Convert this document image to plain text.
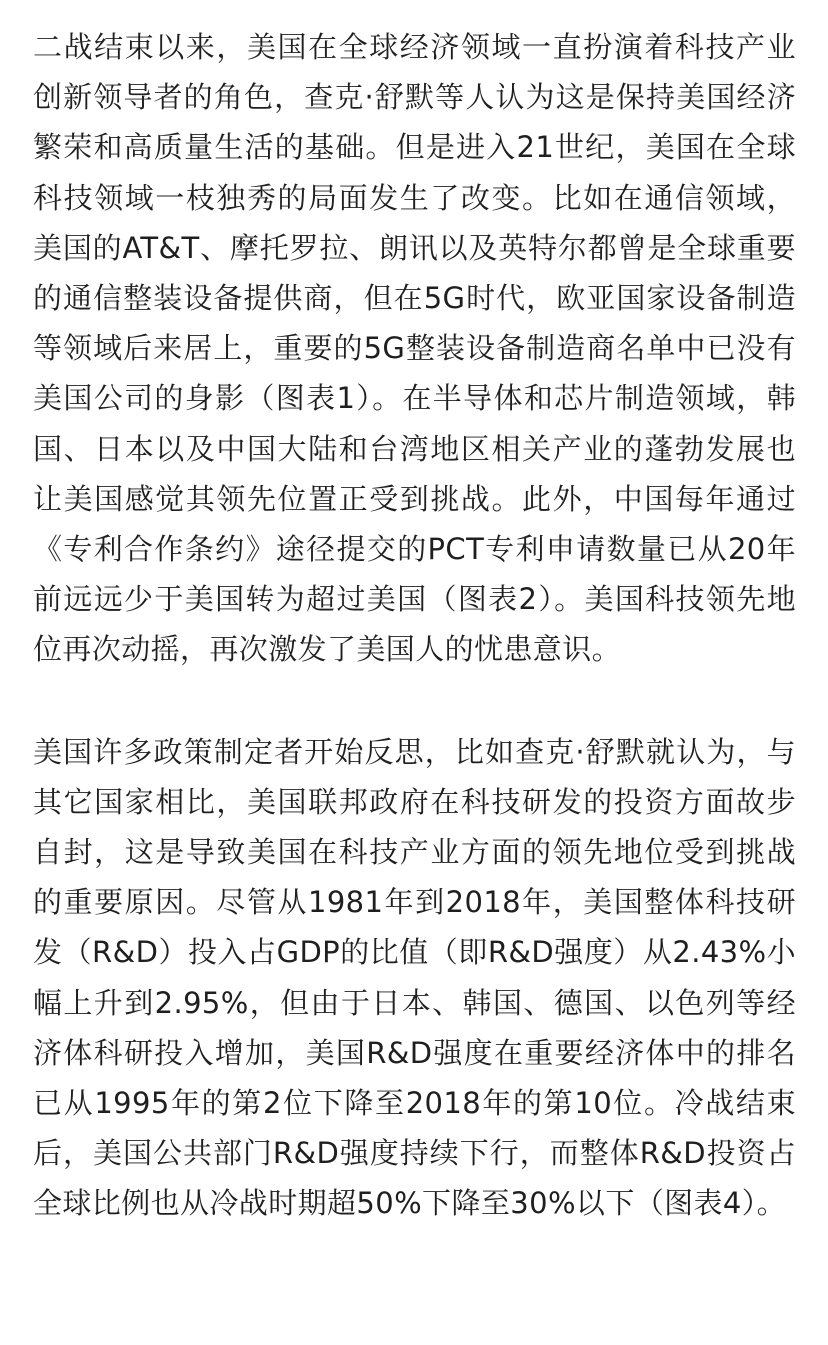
二战结束以来，美国在全球经济领域一直扮演着科技产业创新领导者的角色，查克·舒默等人认为这是保持美国经济繁荣和高质量生活的基础。但是进入21世纪，美国在全球科技领域一枝独秀的局面发生了改变。比如在通信领域，美国的AT&T、摩托罗拉、朗讯以及英特尔都曾是全球重要的通信整装设备提供商，但在5G时代，欧亚国家设备制造等领域后来居上，重要的5G整装设备制造商名单中已没有美国公司的身影（图表1）。在半导体和芯片制造领域，韩国、日本以及中国大陆和台湾地区相关产业的蓬勃发展也让美国感觉其领先位置正受到挑战。此外，中国每年通过《专利合作条约》途径提交的PCT专利申请数量已从20年前远远少于美国转为超过美国（图表2）。美国科技领先地位再次动摇，再次激发了美国人的忧患意识。

美国许多政策制定者开始反思，比如查克·舒默就认为，与其它国家相比，美国联邦政府在科技研发的投资方面故步自封，这是导致美国在科技产业方面的领先地位受到挑战的重要原因。尽管从1981年到2018年，美国整体科技研发（R&D）投入占GDP的比值（即R&D强度）从2.43%小幅上升到2.95%，但由于日本、韩国、德国、以色列等经济体科研投入增加，美国R&D强度在重要经济体中的排名已从1995年的第2位下降至2018年的第10位。冷战结束后，美国公共部门R&D强度持续下行，而整体R&D投资占全球比例也从冷战时期超50%下降至30%以下（图表4）。
